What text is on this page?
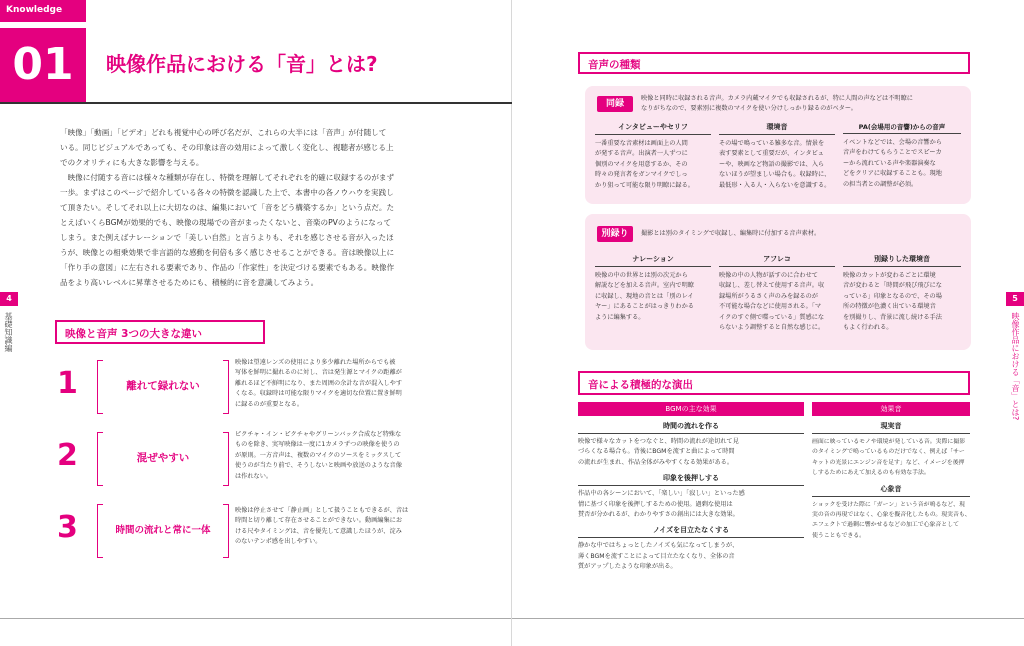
Knowledge
01	映像作品における「音」とは?
「映像」「動画」「ビデオ」どれも視覚中心の呼び名だが、これらの大半には「音声」が付随して
いる。同じビジュアルであっても、その印象は音の効用によって激しく変化し、視聴者が感じる上
でのクオリティにも大きな影響を与える。
　映像に付随する音には様々な種類が存在し、特徴を理解してそれぞれを的確に収録するのがまず
一歩。まずはこのページで紹介している各々の特徴を認識した上で、本書中の各ノウハウを実践し
て頂きたい。そしてそれ以上に大切なのは、編集において「音をどう構築するか」という点だ。た
とえばいくらBGMが効果的でも、映像の現場での音がまったくないと、音楽のPVのようになって
しまう。また例えばナレーションで「美しい自然」と言うよりも、それを感じさせる音が入ったほ
うが、映像との相乗効果で非言語的な感動を何倍も多く感じさせることができる。音は映像以上に
「作り手の意図」に左右される要素であり、作品の「作家性」を決定づける要素でもある。映像作
品をより高いレベルに昇華させるためにも、積極的に音を意識してみよう。
4
基礎知識編	映像と音声 3つの大きな違い
1	離れて録れない
映像は望遠レンズの使用により多少離れた場所からでも被
写体を鮮明に撮れるのに対し、音は発生源とマイクの距離が
離れるほど不鮮明になり、また周囲の余計な音が混入しやす
くなる。収録時は可能な限りマイクを適切な位置に置き鮮明
に録るのが重要となる。
2	混ぜやすい
ピクチャ・イン・ピクチャやグリーンバック合成など特殊な
ものを除き、実写映像は一度に1カメラずつの映像を使うの
が原則。一方音声は、複数のマイクのソースをミックスして
使うのが当たり前で、そうしないと映画や放送のような音像
は作れない。
3	時間の流れと常に一体
映像は停止させて「静止画」として扱うこともできるが、音は
時間と切り離して存在させることができない。動画編集にお
ける尺やタイミングは、音を優先して意識したほうが、淀み
のないテンポ感を出しやすい。
音声の種類
同録
映像と同時に収録される音声。カメラ内蔵マイクでも収録されるが、特に人間の声などは不明瞭に
なりがちなので、要素別に複数のマイクを使い分けしっかり録るのがベター。
インタビューやセリフ
一番重要な音素材は画面上の人間
が発する音声。出演者一人ずつに
個別のマイクを用意するか、その
時々の発言者をガンマイクでしっ
かり狙って可能な限り明瞭に録る。
環境音
その場で鳴っている雑多な音。情景を
表す要素として重要だが、インタビュ
ーや、映画など物語の撮影では、入ら
ないほうが望ましい場合も。収録時に、
最低形・入る人・入らないを意識する。
PA(会場用の音響)からの音声
イベントなどでは、会場の音響から
音声をわけてもらうことでスピーカ
ーから流れている声や楽器演奏な
どをクリアに収録することも。現地
の担当者との調整が必須。
別録り	撮影とは別のタイミングで収録し、編集時に付加する音声素材。
ナレーション
映像の中の世界とは別の次元から
解説などを加える音声。室内で明瞭
に収録し、現地の音とは「別のレイ
ヤー」にあることがはっきりわかる
ように編集する。
アフレコ
映像の中の人物が話すのに合わせて
収録し、差し替えて使用する音声。収
録場所がうるさく声のみを録るのが
不可能な場合などに使用される。「マ
イクのすぐ側で喋っている」質感にな
らないよう調整すると自然な感じに。
別録りした環境音
映像のカットが変わるごとに環境
音が変わると「時間が飛び飛びにな
っている」印象となるので、その場
所の特徴が色濃く出ている環境音
を別撮りし、背景に流し続ける手法
もよく行われる。
音による積極的な演出
BGMの主な効果
時間の流れを作る
映像で様々なカットをつなぐと、時間の流れが途切れて見
づらくなる場合も。背後にBGMを流すと曲によって時間
の流れが生まれ、作品全体がみやすくなる効果がある。
印象を後押しする
作品中の各シーンにおいて、「楽しい」「寂しい」といった感
情に基づく印象を後押しするための使用。過剰な使用は
賛否が分かれるが、わかりやすさの創出には大きな効果。
ノイズを目立たなくする
静かな中ではちょっとしたノイズも気になってしまうが、
薄くBGMを流すことによって目立たなくなり、全体の音
質がアップしたような印象が出る。
効果音
現実音
画面に映っているモノや環境が発している音。実際に撮影
のタイミングで鳴っているものだけでなく、例えば「サー
キットの光景にエンジン音を足す」など、イメージを後押
しするためにあえて加えるのも有効な手法。
心象音
ショックを受けた際に「ガーン」という音が鳴るなど、現
実の音の再現ではなく、心象を擬音化したもの。現実音も、
エフェクトで過剰に響かせるなどの加工で心象音として
使うこともできる。
5
映像作品における「音」とは?
